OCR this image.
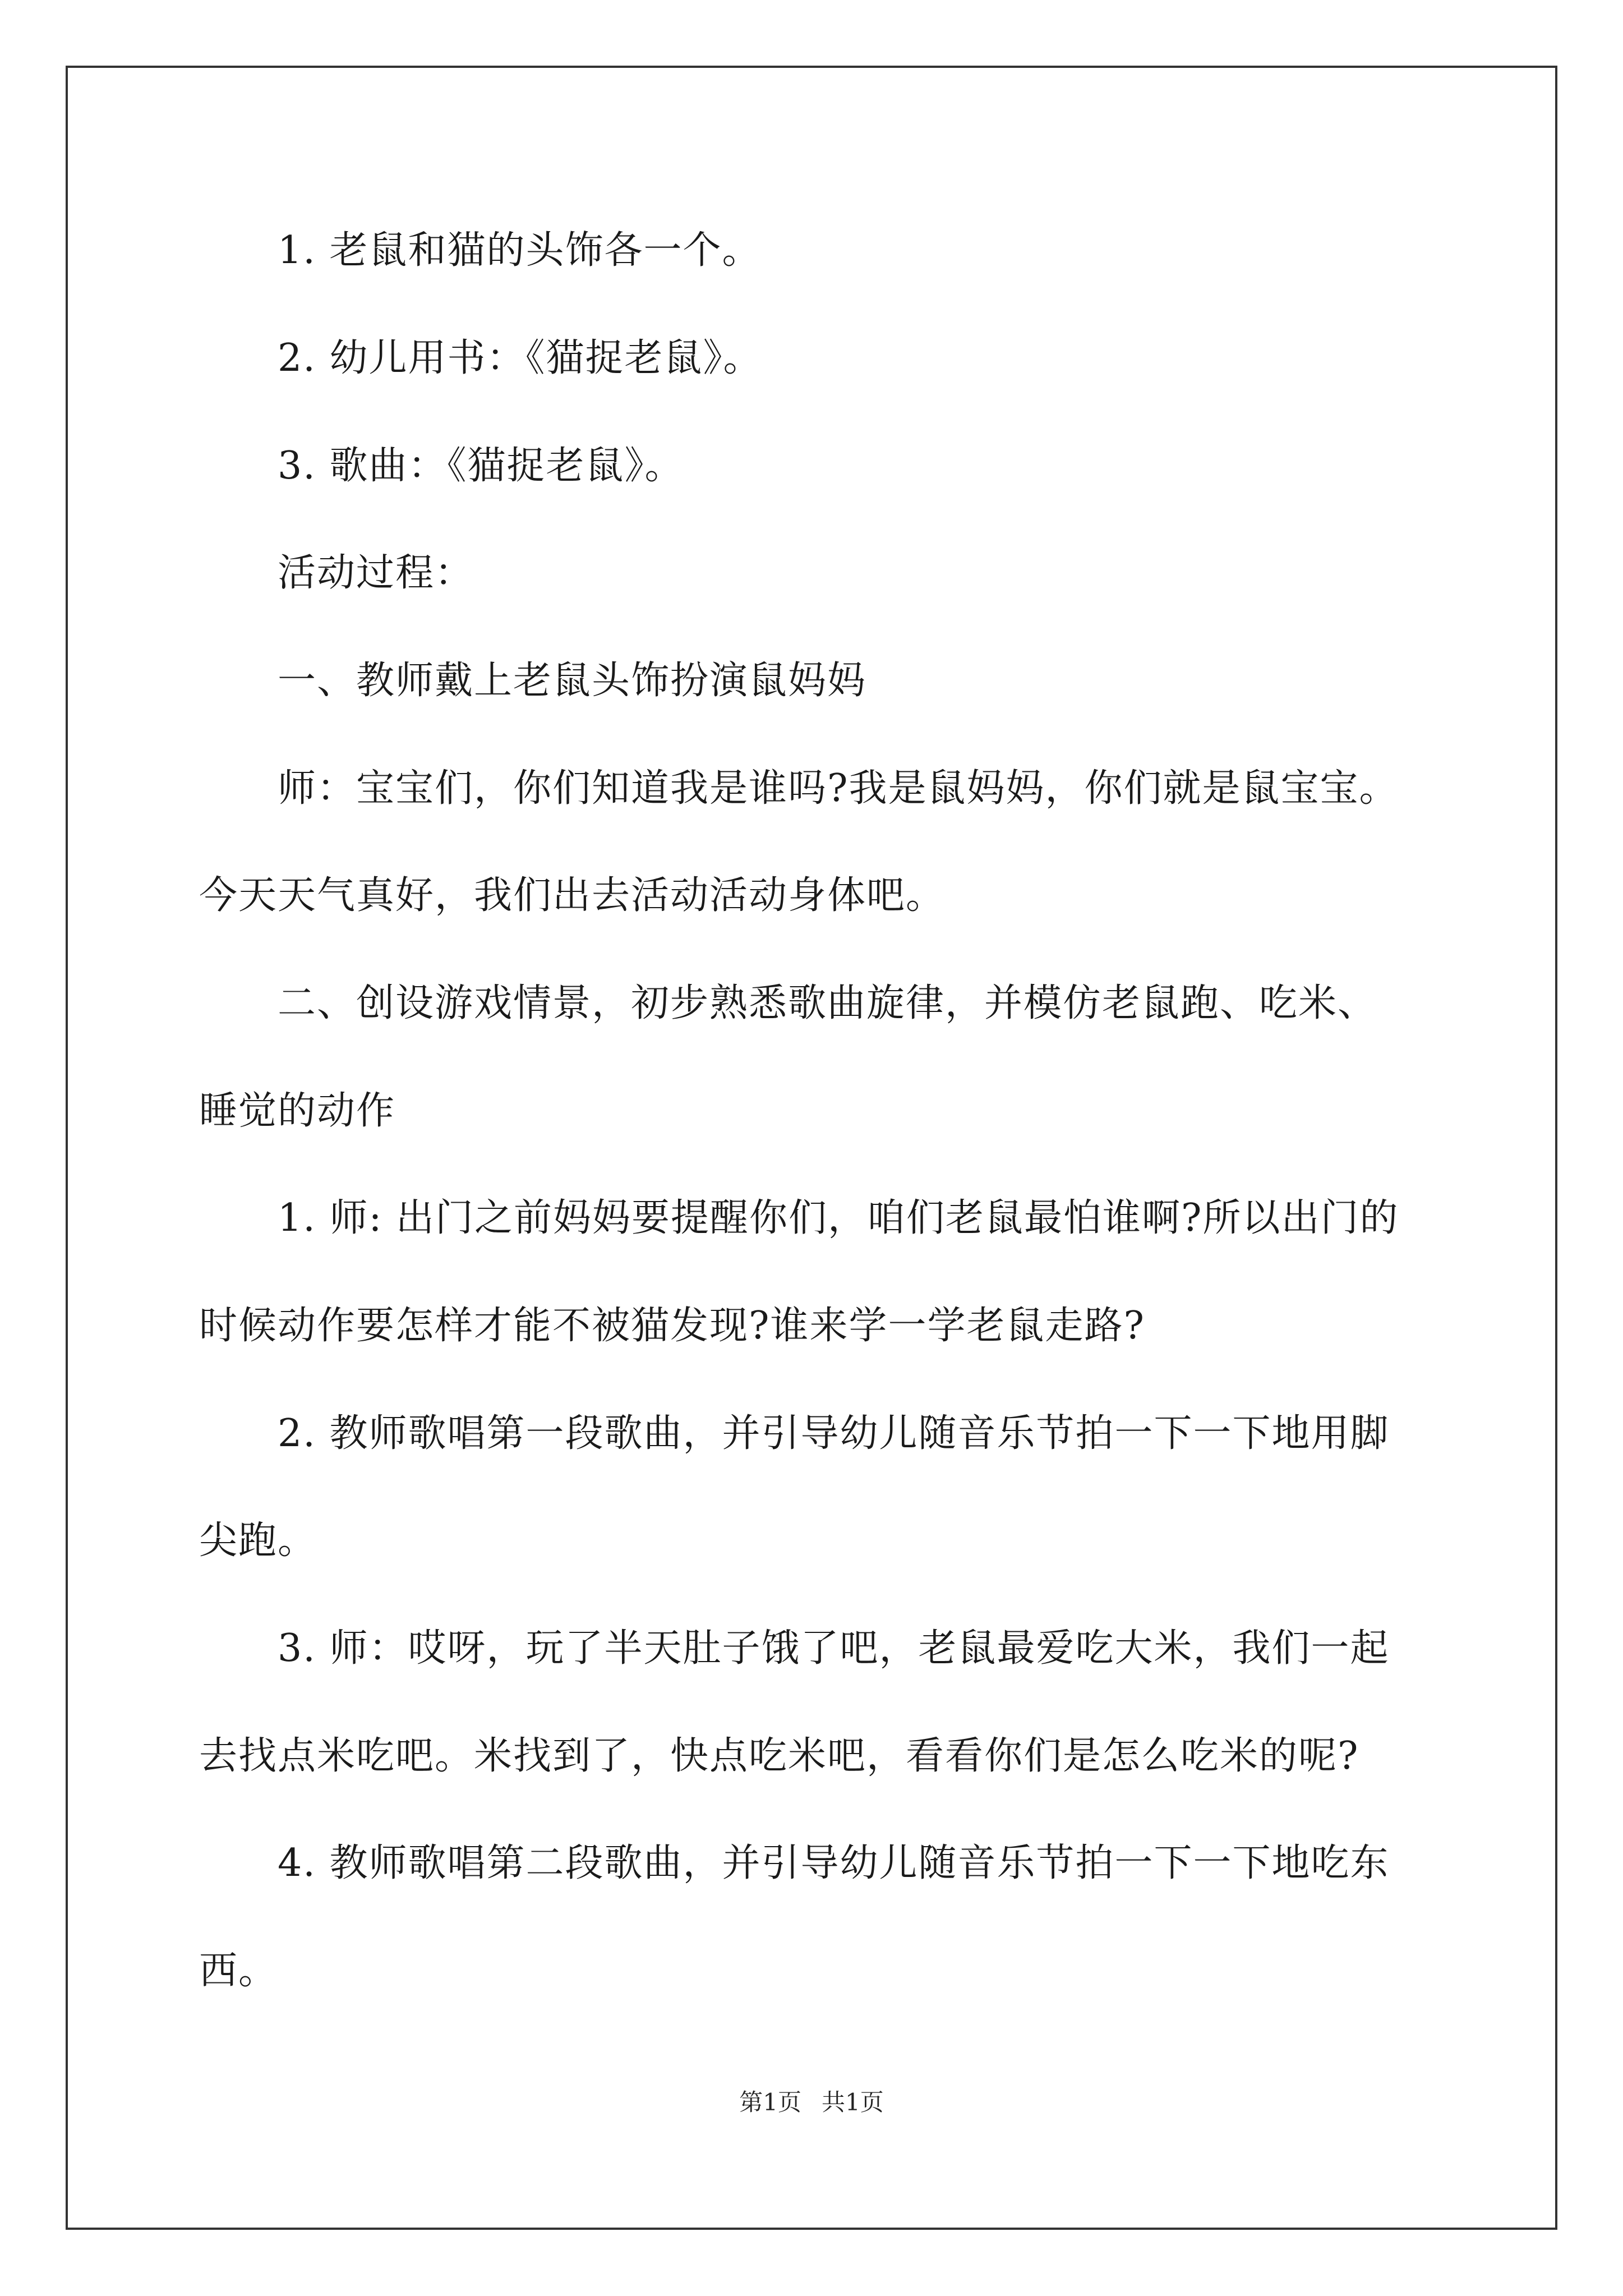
1. 老鼠和猫的头饰各一个。
2. 幼儿用书：《猫捉老鼠》。
3. 歌曲：《猫捉老鼠》。
活动过程：
一、教师戴上老鼠头饰扮演鼠妈妈
师：宝宝们，你们知道我是谁吗?我是鼠妈妈，你们就是鼠宝宝。
今天天气真好，我们出去活动活动身体吧。
二、创设游戏情景，初步熟悉歌曲旋律，并模仿老鼠跑、吃米、
睡觉的动作
1. 师: 出门之前妈妈要提醒你们，咱们老鼠最怕谁啊?所以出门的
时候动作要怎样才能不被猫发现?谁来学一学老鼠走路?
2. 教师歌唱第一段歌曲，并引导幼儿随音乐节拍一下一下地用脚
尖跑。
3. 师：哎呀，玩了半天肚子饿了吧，老鼠最爱吃大米，我们一起
去找点米吃吧。米找到了，快点吃米吧，看看你们是怎么吃米的呢?
4. 教师歌唱第二段歌曲，并引导幼儿随音乐节拍一下一下地吃东
西。
第1页 共1页
